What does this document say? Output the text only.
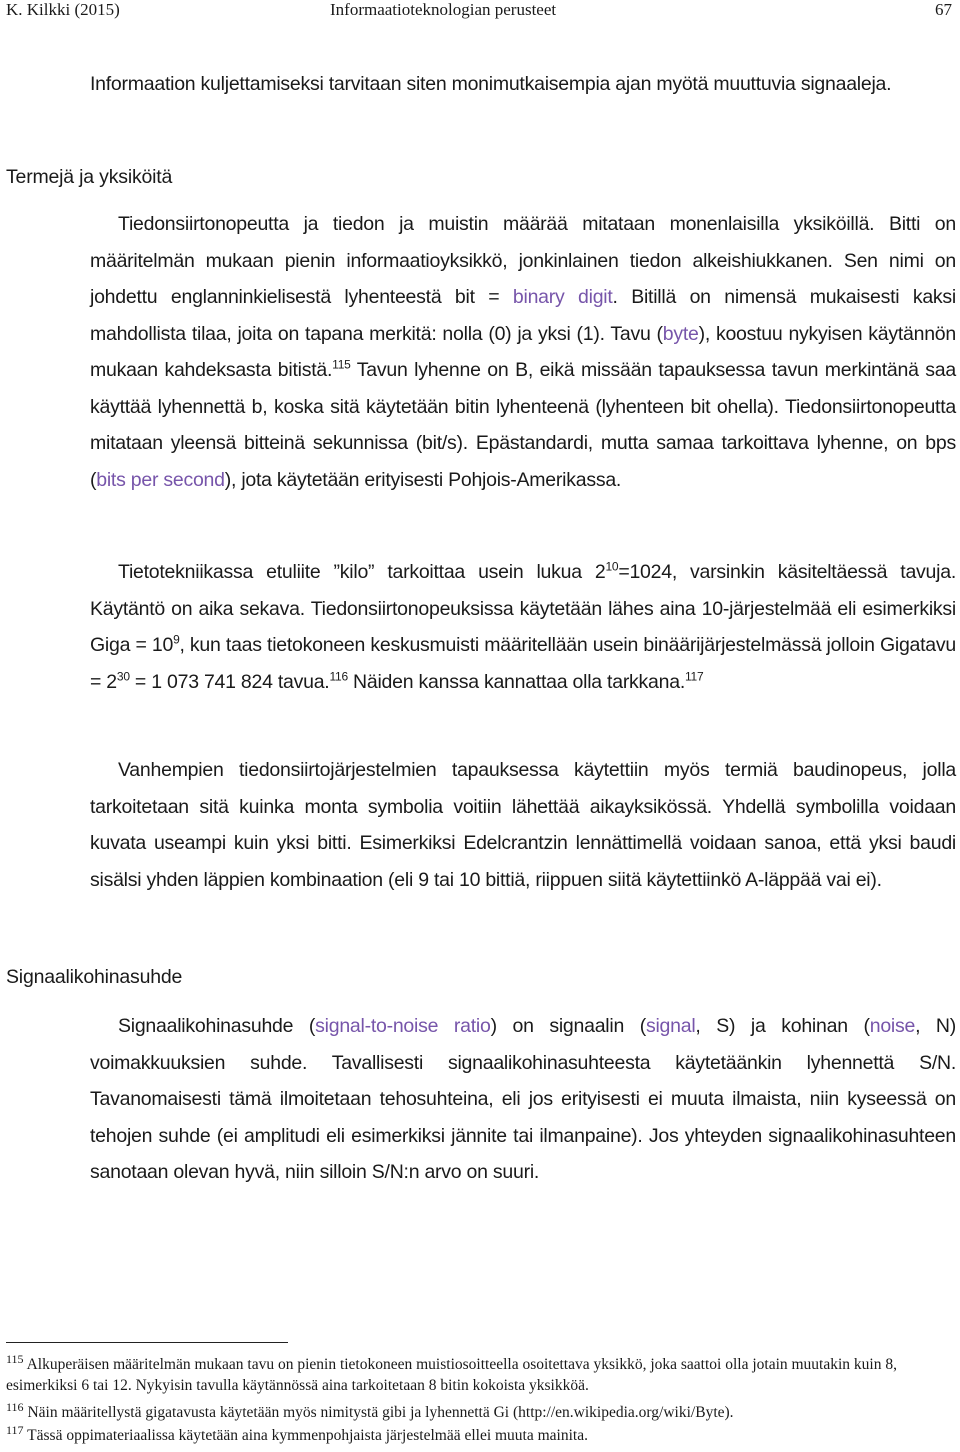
K. Kilkki (2015)	Informaatioteknologian perusteet	67
Informaation kuljettamiseksi tarvitaan siten monimutkaisempia ajan myötä muuttuvia signaaleja.
Termejä ja yksiköitä
Tiedonsiirtonopeutta ja tiedon ja muistin määrää mitataan monenlaisilla yksiköillä. Bitti on määritelmän mukaan pienin informaatioyksikkö, jonkinlainen tiedon alkeishiukkanen. Sen nimi on johdettu englanninkielisestä lyhenteestä bit = binary digit. Bitillä on nimensä mukaisesti kaksi mahdollista tilaa, joita on tapana merkitä: nolla (0) ja yksi (1). Tavu (byte), koostuu nykyisen käytännön mukaan kahdeksasta bitistä.$^{115}$ Tavun lyhenne on B, eikä missään tapauksessa tavun merkintänä saa käyttää lyhennettä b, koska sitä käytetään bitin lyhenteenä (lyhenteen bit ohella). Tiedonsiirtonopeutta mitataan yleensä bitteinä sekunnissa (bit/s). Epästandardi, mutta samaa tarkoittava lyhenne, on bps (bits per second), jota käytetään erityisesti Pohjois-Amerikassa.
Tietotekniikassa etuliite ”kilo” tarkoittaa usein lukua $2^{10}=1024$, varsinkin käsiteltäessä tavuja. Käytäntö on aika sekava. Tiedonsiirtonopeuksissa käytetään lähes aina 10-järjestelmää eli esimerkiksi Giga = $10^9$, kun taas tietokoneen keskusmuisti määritellään usein binäärijärjestelmässä jolloin Gigatavu = $2^{30} = 1$ 073 741 824 tavua.$^{116}$ Näiden kanssa kannattaa olla tarkkana.$^{117}$
Vanhempien tiedonsiirtojärjestelmien tapauksessa käytettiin myös termiä baudinopeus, jolla tarkoitetaan sitä kuinka monta symbolia voitiin lähettää aikayksikössä. Yhdellä symbolilla voidaan kuvata useampi kuin yksi bitti. Esimerkiksi Edelcrantzin lennättimellä voidaan sanoa, että yksi baudi sisälsi yhden läppien kombinaation (eli 9 tai 10 bittiä, riippuen siitä käytettiinkö A-läppää vai ei).
Signaalikohinasuhde
Signaalikohinasuhde (signal-to-noise ratio) on signaalin (signal, S) ja kohinan (noise, N) voimakkuuksien suhde. Tavallisesti signaalikohinasuhteesta käytetäänkin lyhennettä S/N. Tavanomaisesti tämä ilmoitetaan tehosuhteina, eli jos erityisesti ei muuta ilmaista, niin kyseessä on tehojen suhde (ei amplitudi eli esimerkiksi jännite tai ilmanpaine). Jos yhteyden signaalikohinasuhteen sanotaan olevan hyvä, niin silloin S/N:n arvo on suuri.
$^{115}$ Alkuperäisen määritelmän mukaan tavu on pienin tietokoneen muistiosoitteella osoitettava yksikkö, joka saattoi olla jotain muutakin kuin 8, esimerkiksi 6 tai 12. Nykyisin tavulla käytännössä aina tarkoitetaan 8 bitin kokoista yksikköä.
$^{116}$ Näin määritellystä gigatavusta käytetään myös nimitystä gibi ja lyhennettä Gi (http://en.wikipedia.org/wiki/Byte).
$^{117}$ Tässä oppimateriaalissa käytetään aina kymmenpohjaista järjestelmää ellei muuta mainita.
